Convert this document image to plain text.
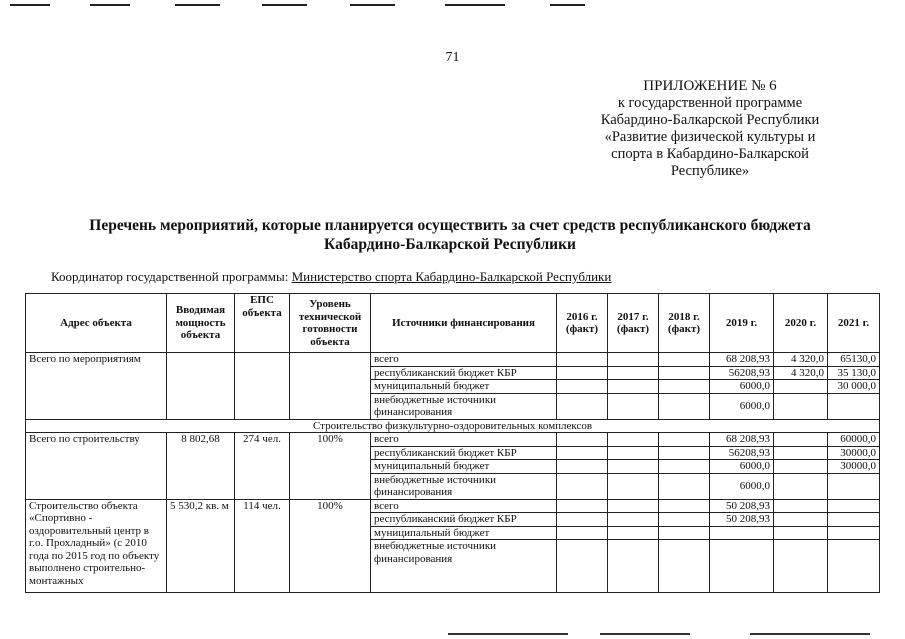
71
ПРИЛОЖЕНИЕ № 6
к государственной программе
Кабардино-Балкарской Республики
«Развитие физической культуры и
спорта в Кабардино-Балкарской
Республике»
Перечень мероприятий, которые планируется осуществить за счет средств республиканского бюджета
Кабардино-Балкарской Республики
Координатор государственной программы: Министерство спорта Кабардино-Балкарской Республики
Адрес объекта	Вводимая мощность объекта	ЕПС объекта	Уровень технической готовности объекта	Источники финансирования	2016 г. (факт)	2017 г. (факт)	2018 г. (факт)	2019 г.	2020 г.	2021 г.
Всего по мероприятиям				всего				68 208,93	4 320,0	65130,0
				республиканский бюджет КБР				56208,93	4 320,0	35 130,0
				муниципальный бюджет				6000,0		30 000,0
				внебюджетные источники финансирования				6000,0		
Строительство физкультурно-оздоровительных комплексов										
Всего по строительству	8 802,68	274 чел.	100%	всего				68 208,93		60000,0
				республиканский бюджет КБР				56208,93		30000,0
				муниципальный бюджет				6000,0		30000,0
				внебюджетные источники финансирования				6000,0		
Строительство объекта «Спортивно - оздоровительный центр в г.о. Прохладный» (с 2010 года по 2015 год по объекту выполнено строительно-монтажных	5 530,2 кв. м	114 чел.	100%	всего				50 208,93		
				республиканский бюджет КБР				50 208,93		
				муниципальный бюджет						
				внебюджетные источники финансирования						
